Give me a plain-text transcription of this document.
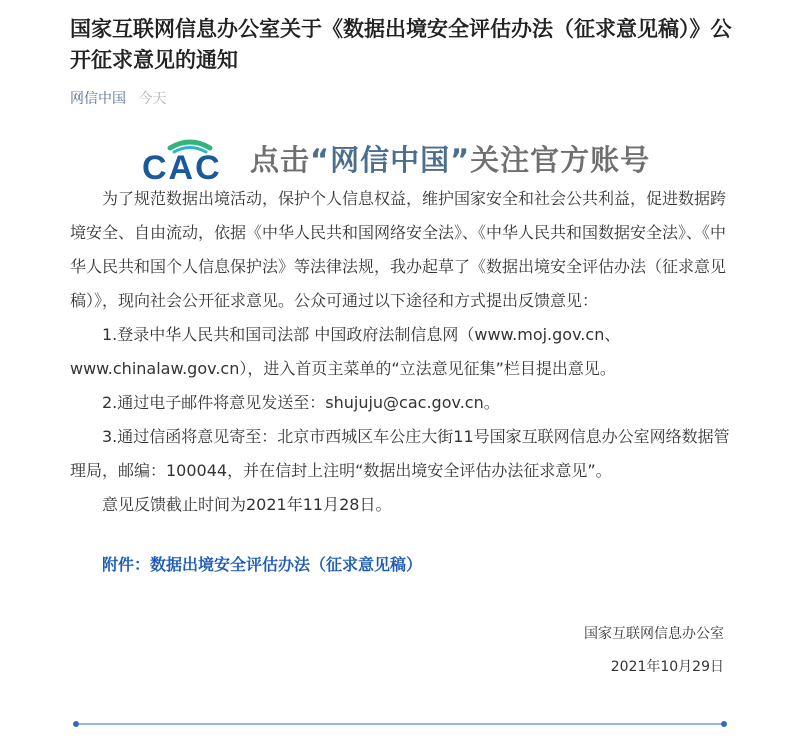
国家互联网信息办公室关于《数据出境安全评估办法（征求意见稿）》公开征求意见的通知
网信中国 今天
CAC 点击“网信中国”关注官方账号

为了规范数据出境活动，保护个人信息权益，维护国家安全和社会公共利益，促进数据跨境安全、自由流动，依据《中华人民共和国网络安全法》、《中华人民共和国数据安全法》、《中华人民共和国个人信息保护法》等法律法规，我办起草了《数据出境安全评估办法（征求意见稿）》，现向社会公开征求意见。公众可通过以下途径和方式提出反馈意见：

1.登录中华人民共和国司法部 中国政府法制信息网（www.moj.gov.cn、www.chinalaw.gov.cn），进入首页主菜单的“立法意见征集”栏目提出意见。

2.通过电子邮件将意见发送至：shujuju@cac.gov.cn。

3.通过信函将意见寄至：北京市西城区车公庄大街11号国家互联网信息办公室网络数据管理局，邮编：100044，并在信封上注明“数据出境安全评估办法征求意见”。

意见反馈截止时间为2021年11月28日。

附件：数据出境安全评估办法（征求意见稿）
国家互联网信息办公室
2021年10月29日
